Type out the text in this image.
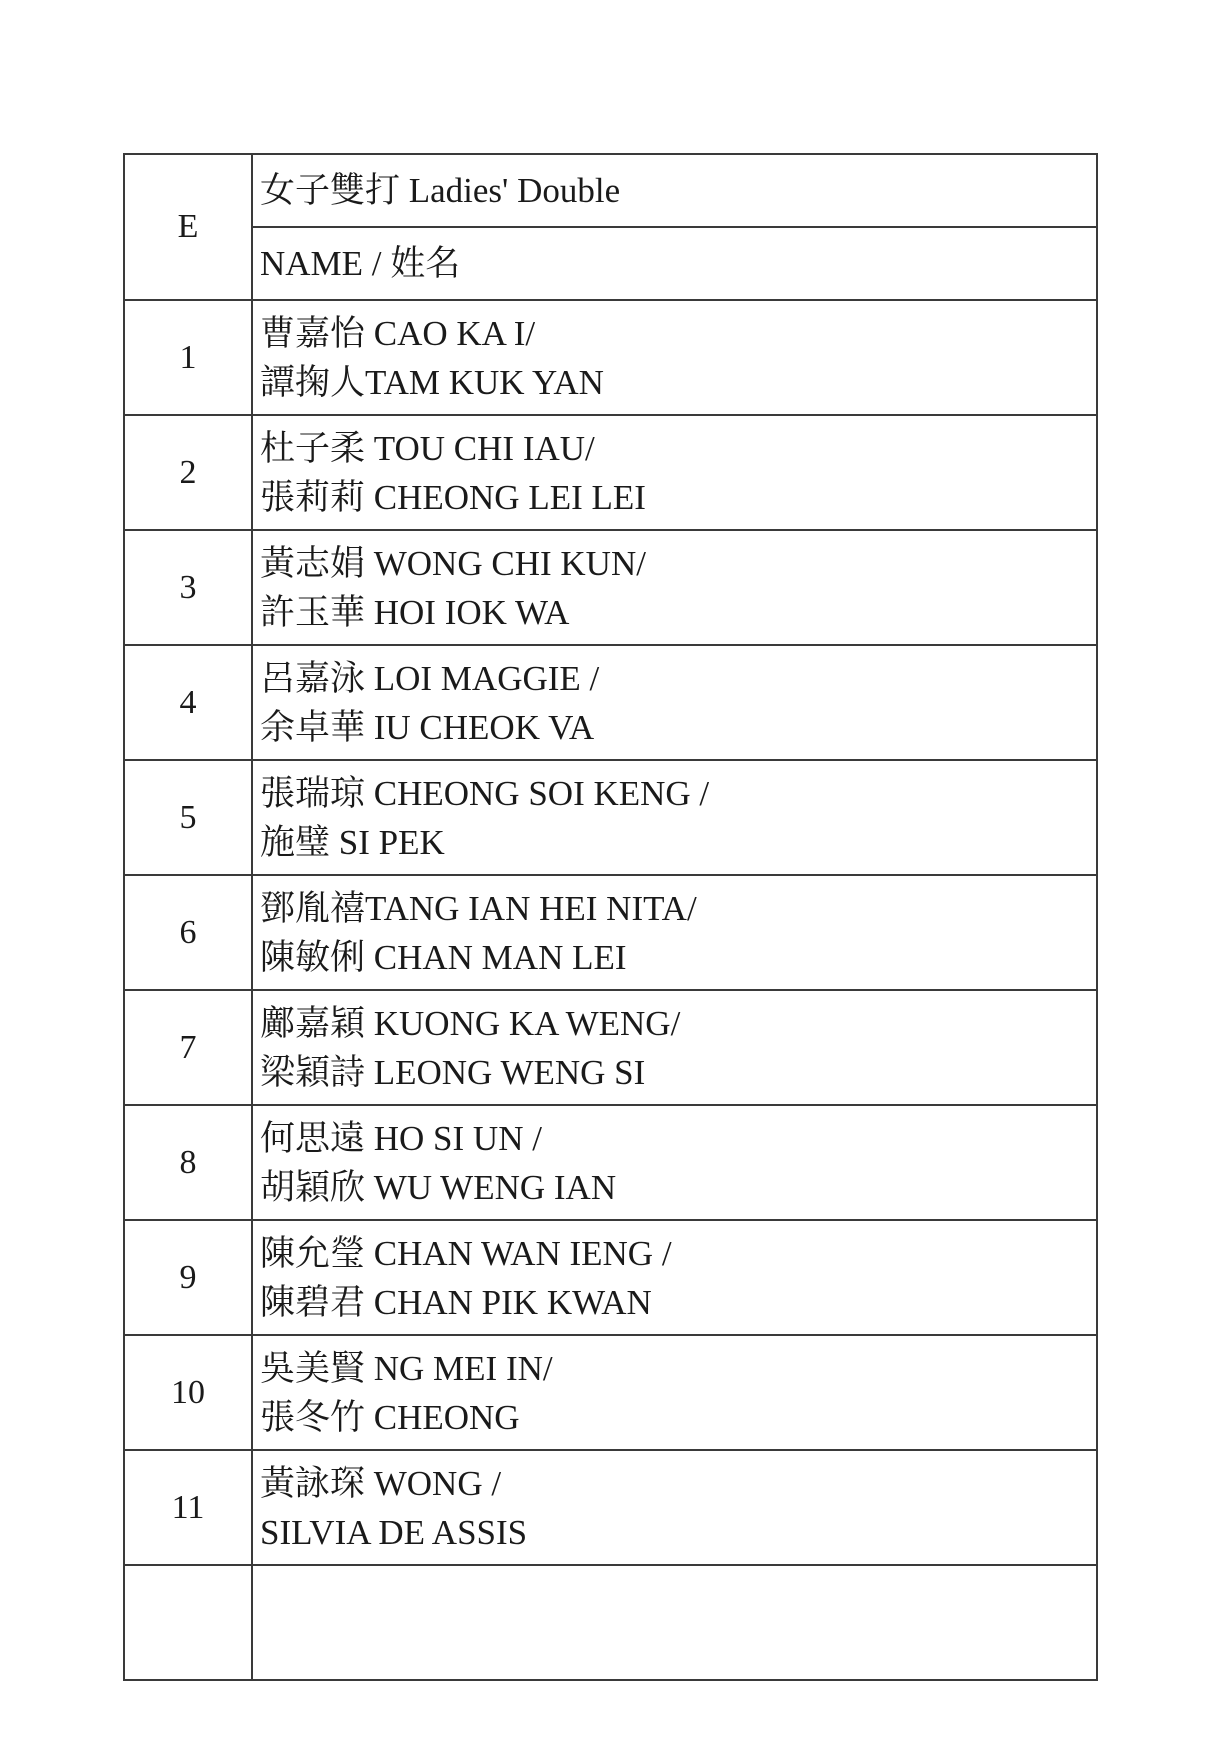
E	女子雙打 Ladies' Double
	NAME / 姓名
1	曹嘉怡 CAO KA I/
譚掬人TAM KUK YAN

2	杜子柔 TOU CHI IAU/
張莉莉 CHEONG LEI LEI

3	黃志娟 WONG CHI KUN/
許玉華 HOI IOK WA

4	呂嘉泳 LOI MAGGIE /
余卓華 IU CHEOK VA

5	張瑞琼 CHEONG SOI KENG /
施璧 SI PEK

6	鄧胤禧TANG IAN HEI NITA/
陳敏俐 CHAN MAN LEI

7	鄺嘉穎 KUONG KA WENG/
梁穎詩 LEONG WENG SI

8	何思遠 HO SI UN /
胡穎欣 WU WENG IAN

9	陳允瑩 CHAN WAN IENG /
陳碧君 CHAN PIK KWAN

10	吳美賢 NG MEI IN/
張冬竹 CHEONG

11	黃詠琛 WONG /
SILVIA DE ASSIS
